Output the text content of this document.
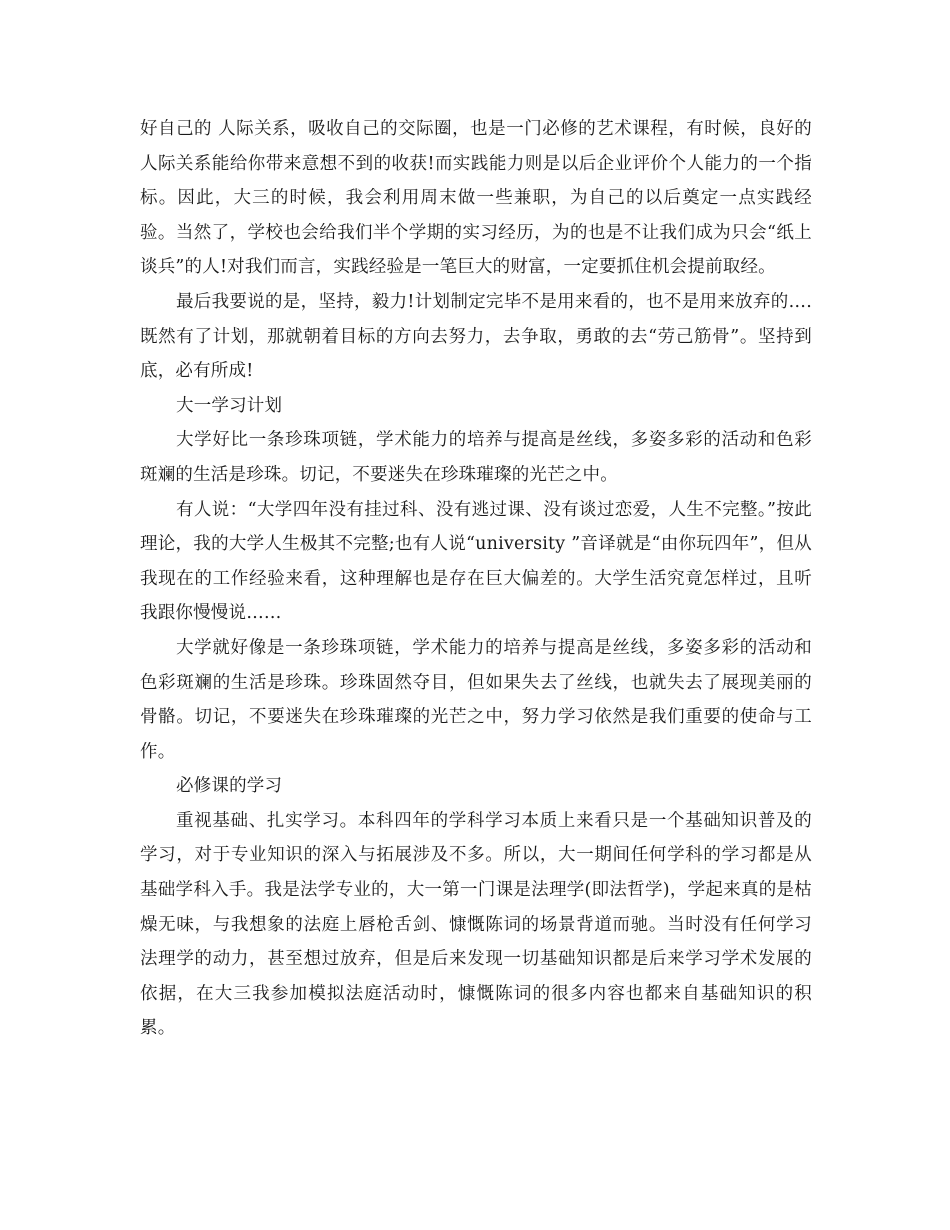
好自己的 人际关系，吸收自己的交际圈，也是一门必修的艺术课程，有时候，良好的人际关系能给你带来意想不到的收获!而实践能力则是以后企业评价个人能力的一个指标。因此，大三的时候，我会利用周末做一些兼职，为自己的以后奠定一点实践经验。当然了，学校也会给我们半个学期的实习经历，为的也是不让我们成为只会“纸上谈兵”的人!对我们而言，实践经验是一笔巨大的财富，一定要抓住机会提前取经。

最后我要说的是，坚持，毅力!计划制定完毕不是用来看的，也不是用来放弃的….既然有了计划，那就朝着目标的方向去努力，去争取，勇敢的去“劳己筋骨”。坚持到底，必有所成!

大一学习计划

大学好比一条珍珠项链，学术能力的培养与提高是丝线，多姿多彩的活动和色彩斑斓的生活是珍珠。切记，不要迷失在珍珠璀璨的光芒之中。

有人说：“大学四年没有挂过科、没有逃过课、没有谈过恋爱，人生不完整。”按此理论，我的大学人生极其不完整;也有人说“university ”音译就是“由你玩四年”，但从我现在的工作经验来看，这种理解也是存在巨大偏差的。大学生活究竟怎样过，且听我跟你慢慢说……

大学就好像是一条珍珠项链，学术能力的培养与提高是丝线，多姿多彩的活动和色彩斑斓的生活是珍珠。珍珠固然夺目，但如果失去了丝线，也就失去了展现美丽的骨骼。切记，不要迷失在珍珠璀璨的光芒之中，努力学习依然是我们重要的使命与工作。

必修课的学习

重视基础、扎实学习。本科四年的学科学习本质上来看只是一个基础知识普及的学习，对于专业知识的深入与拓展涉及不多。所以，大一期间任何学科的学习都是从基础学科入手。我是法学专业的，大一第一门课是法理学(即法哲学)，学起来真的是枯燥无味，与我想象的法庭上唇枪舌剑、慷慨陈词的场景背道而驰。当时没有任何学习法理学的动力，甚至想过放弃，但是后来发现一切基础知识都是后来学习学术发展的依据，在大三我参加模拟法庭活动时，慷慨陈词的很多内容也都来自基础知识的积累。
